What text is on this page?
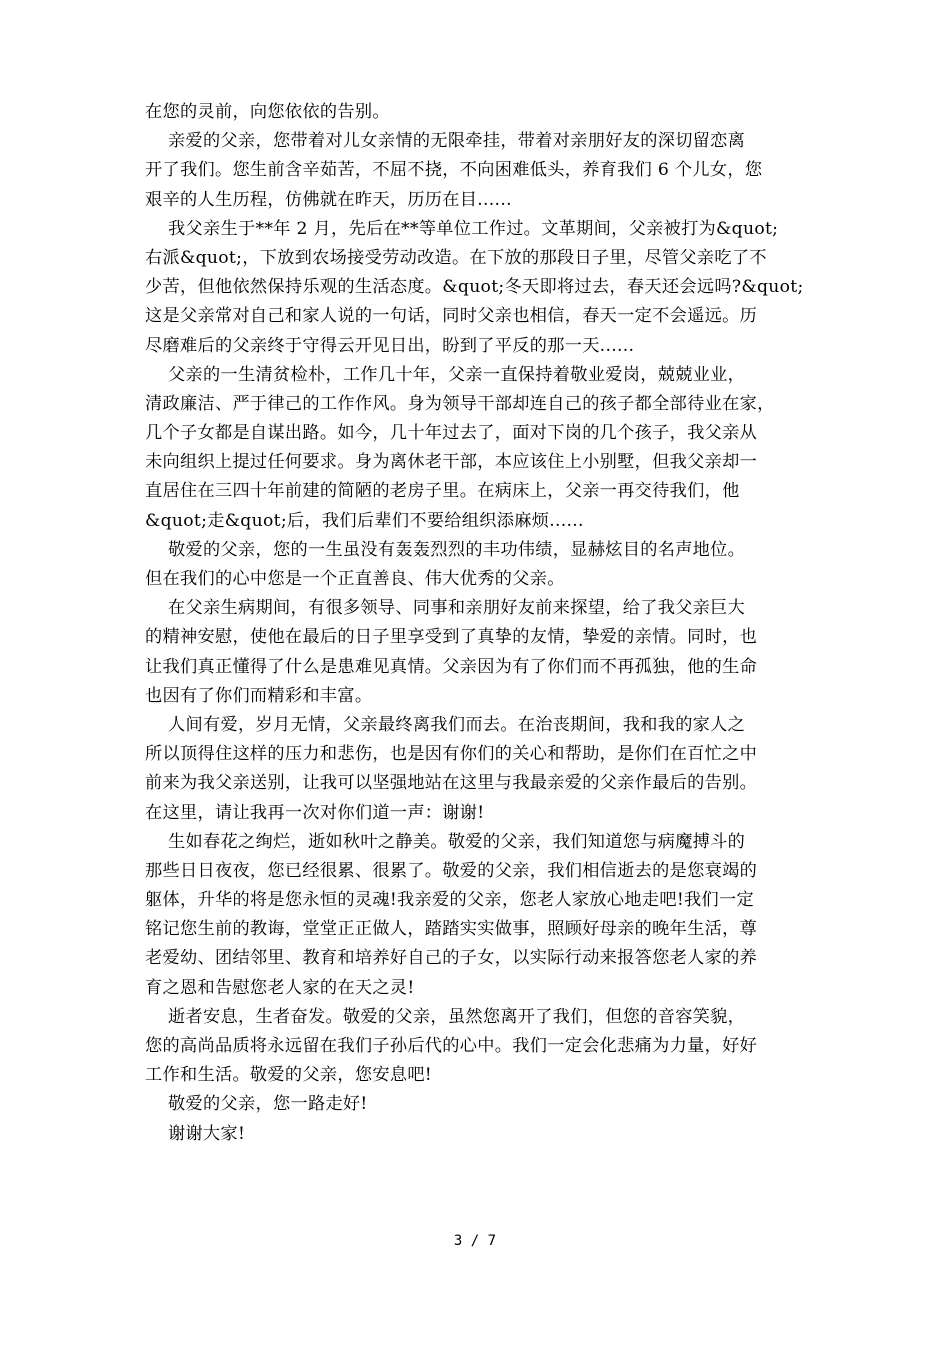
在您的灵前，向您依依的告别。
亲爱的父亲，您带着对儿女亲情的无限牵挂，带着对亲朋好友的深切留恋离
开了我们。您生前含辛茹苦，不屈不挠，不向困难低头，养育我们 6 个儿女，您
艰辛的人生历程，仿佛就在昨天，历历在目......
我父亲生于**年 2 月，先后在**等单位工作过。文革期间，父亲被打为&quot;
右派&quot;，下放到农场接受劳动改造。在下放的那段日子里，尽管父亲吃了不
少苦，但他依然保持乐观的生活态度。&quot;冬天即将过去，春天还会远吗?&quot;
这是父亲常对自己和家人说的一句话，同时父亲也相信，春天一定不会遥远。历
尽磨难后的父亲终于守得云开见日出，盼到了平反的那一天......
父亲的一生清贫检朴，工作几十年，父亲一直保持着敬业爱岗，兢兢业业，
清政廉洁、严于律己的工作作风。身为领导干部却连自己的孩子都全部待业在家，
几个子女都是自谋出路。如今，几十年过去了，面对下岗的几个孩子，我父亲从
未向组织上提过任何要求。身为离休老干部，本应该住上小别墅，但我父亲却一
直居住在三四十年前建的简陋的老房子里。在病床上，父亲一再交待我们，他
&quot;走&quot;后，我们后辈们不要给组织添麻烦......
敬爱的父亲，您的一生虽没有轰轰烈烈的丰功伟绩，显赫炫目的名声地位。
但在我们的心中您是一个正直善良、伟大优秀的父亲。
在父亲生病期间，有很多领导、同事和亲朋好友前来探望，给了我父亲巨大
的精神安慰，使他在最后的日子里享受到了真挚的友情，挚爱的亲情。同时，也
让我们真正懂得了什么是患难见真情。父亲因为有了你们而不再孤独，他的生命
也因有了你们而精彩和丰富。
人间有爱，岁月无情，父亲最终离我们而去。在治丧期间，我和我的家人之
所以顶得住这样的压力和悲伤，也是因有你们的关心和帮助，是你们在百忙之中
前来为我父亲送别，让我可以坚强地站在这里与我最亲爱的父亲作最后的告别。
在这里，请让我再一次对你们道一声：谢谢!
生如春花之绚烂，逝如秋叶之静美。敬爱的父亲，我们知道您与病魔搏斗的
那些日日夜夜，您已经很累、很累了。敬爱的父亲，我们相信逝去的是您衰竭的
躯体，升华的将是您永恒的灵魂!我亲爱的父亲，您老人家放心地走吧!我们一定
铭记您生前的教诲，堂堂正正做人，踏踏实实做事，照顾好母亲的晚年生活，尊
老爱幼、团结邻里、教育和培养好自己的子女，以实际行动来报答您老人家的养
育之恩和告慰您老人家的在天之灵!
逝者安息，生者奋发。敬爱的父亲，虽然您离开了我们，但您的音容笑貌，
您的高尚品质将永远留在我们子孙后代的心中。我们一定会化悲痛为力量，好好
工作和生活。敬爱的父亲，您安息吧!
敬爱的父亲，您一路走好!
谢谢大家!
3 / 7
